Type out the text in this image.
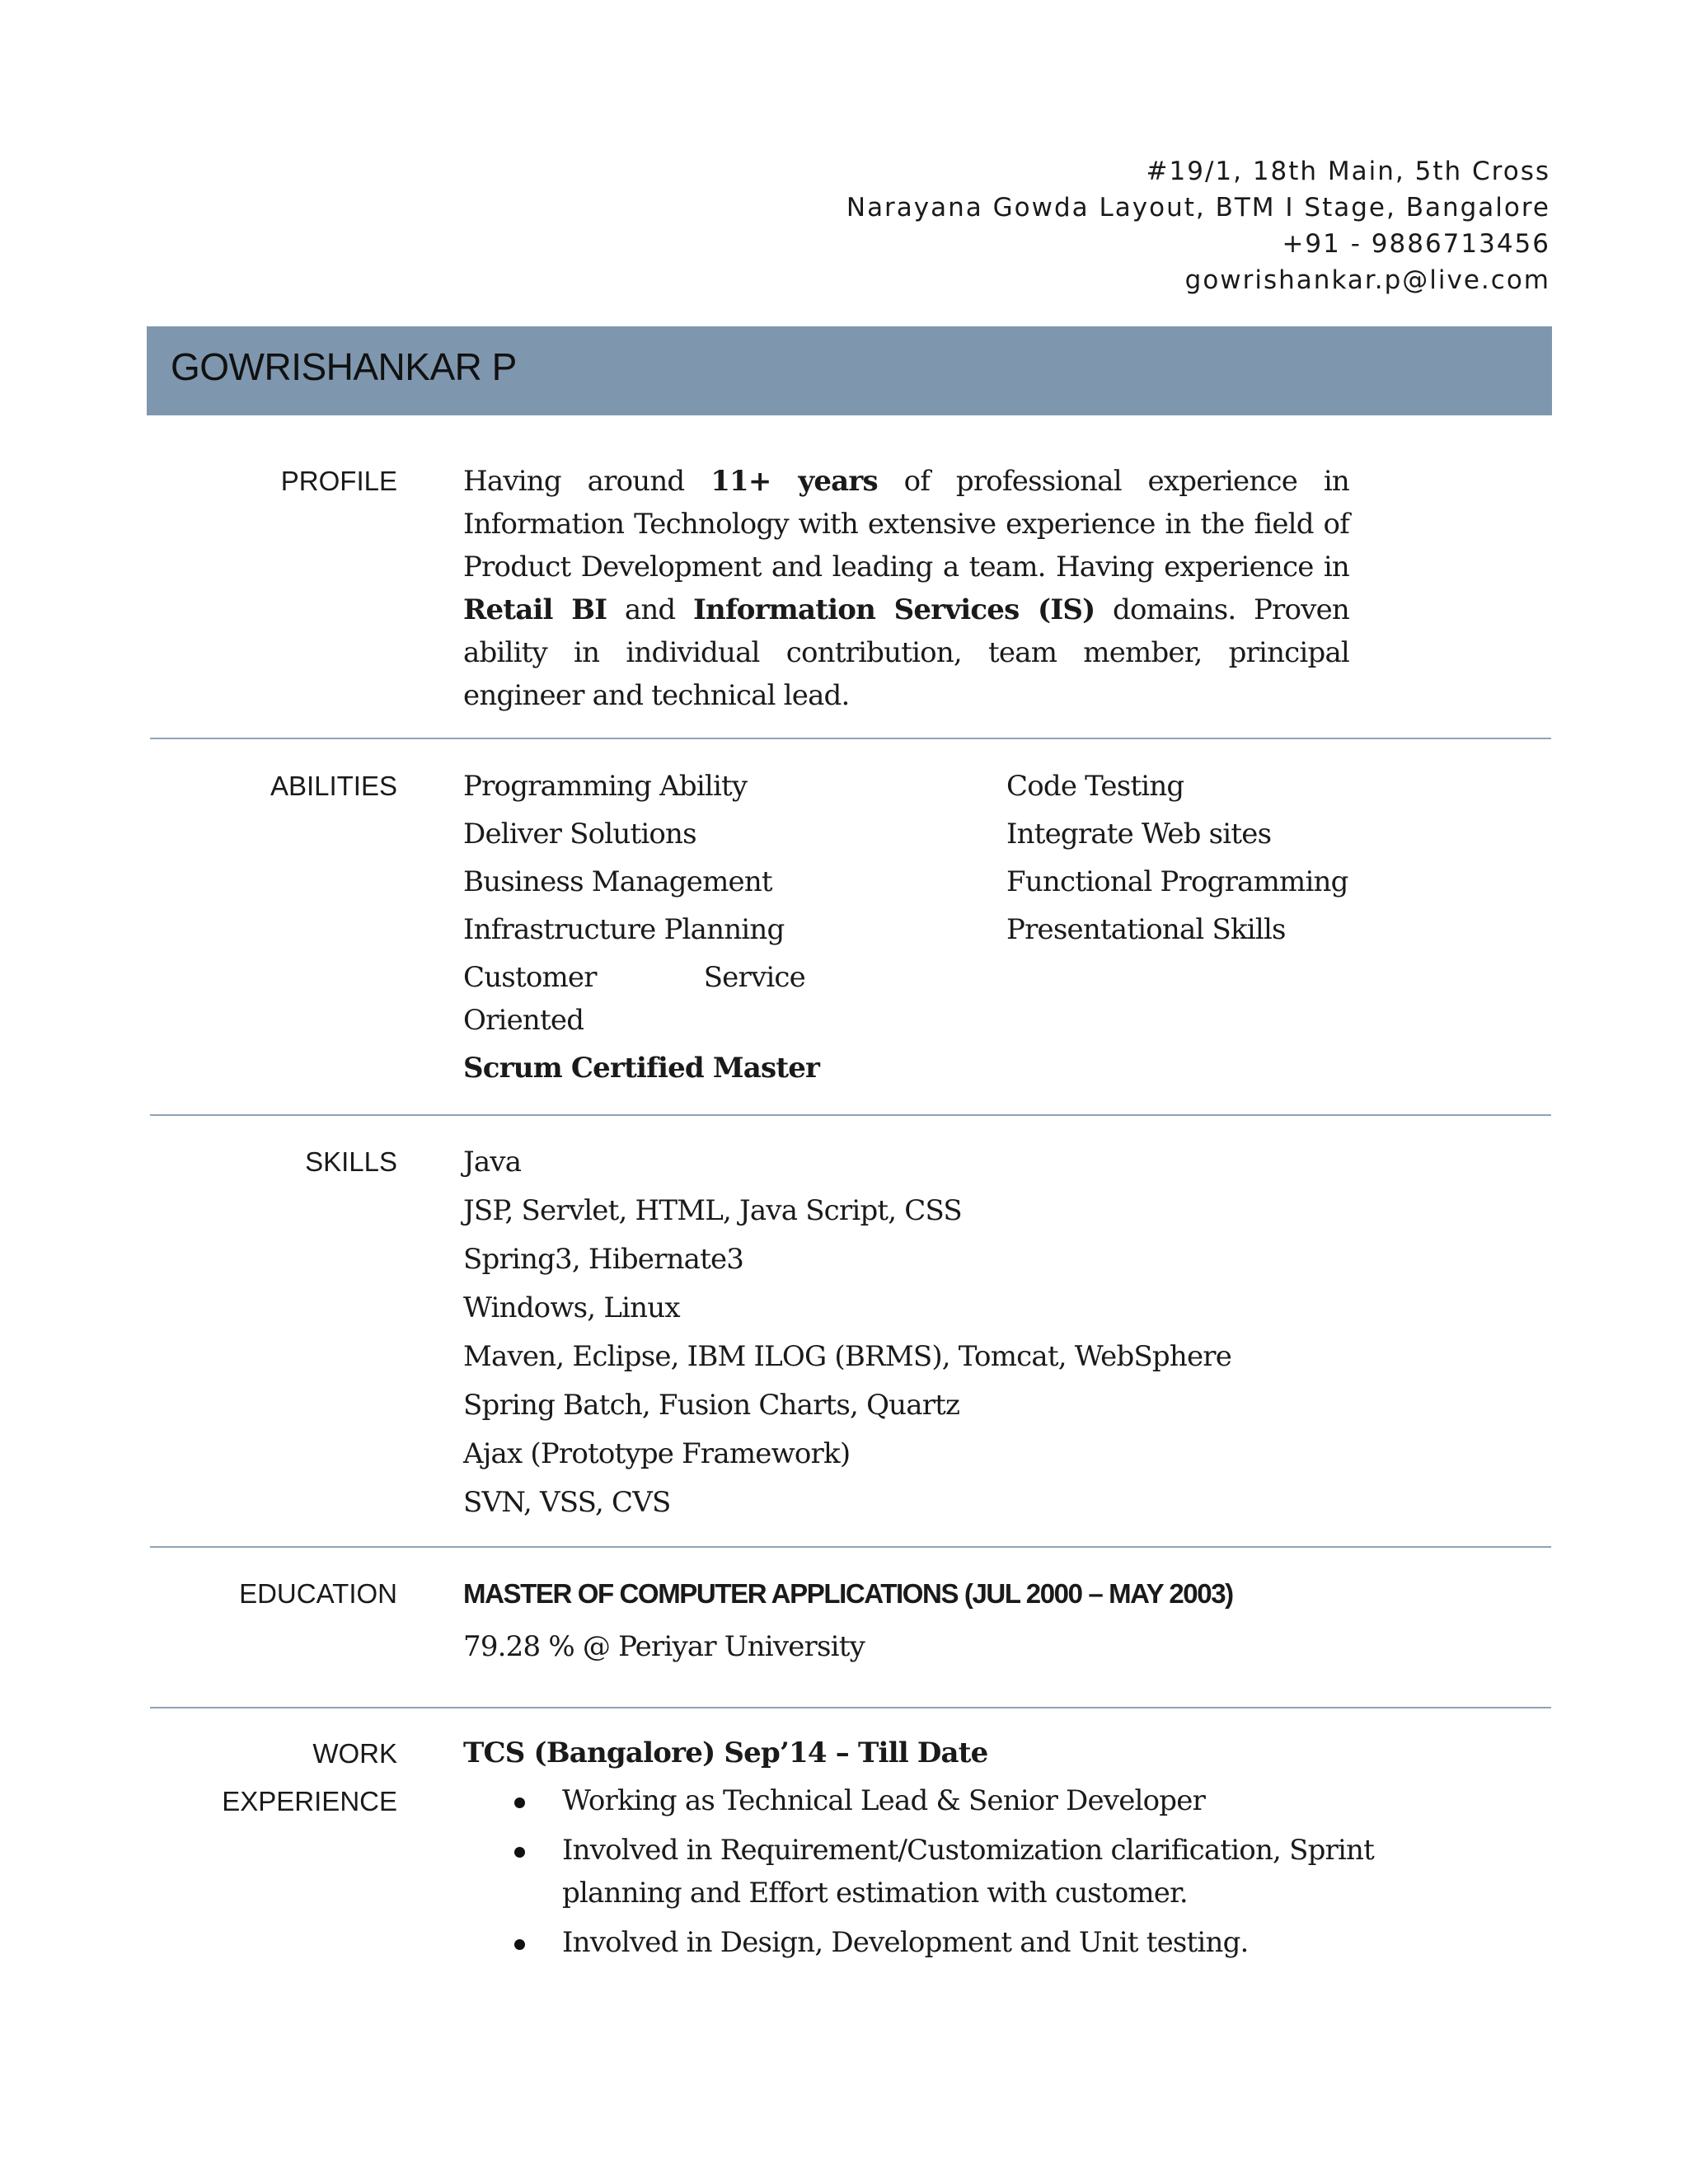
#19/1, 18th Main, 5th Cross
Narayana Gowda Layout, BTM I Stage, Bangalore
+91 - 9886713456
gowrishankar.p@live.com
GOWRISHANKAR P
PROFILE Having around 11+ years of professional experience in Information Technology with extensive experience in the field of Product Development and leading a team. Having experience in Retail BI and Information Services (IS) domains. Proven ability in individual contribution, team member, principal engineer and technical lead.
ABILITIES Programming Ability
Deliver Solutions
Business Management
Infrastructure Planning
Customer	Service
Oriented
Scrum Certified Master
Code Testing
Integrate Web sites
Functional Programming
Presentational Skills
SKILLS Java
JSP, Servlet, HTML, Java Script, CSS
Spring3, Hibernate3
Windows, Linux
Maven, Eclipse, IBM ILOG (BRMS), Tomcat, WebSphere
Spring Batch, Fusion Charts, Quartz
Ajax (Prototype Framework)
SVN, VSS, CVS
EDUCATION MASTER OF COMPUTER APPLICATIONS (JUL 2000 – MAY 2003)
79.28 % @ Periyar University
WORK
EXPERIENCE
TCS (Bangalore) Sep’14 – Till Date
Working as Technical Lead & Senior Developer
Involved in Requirement/Customization clarification, Sprint planning and Effort estimation with customer.
Involved in Design, Development and Unit testing.
